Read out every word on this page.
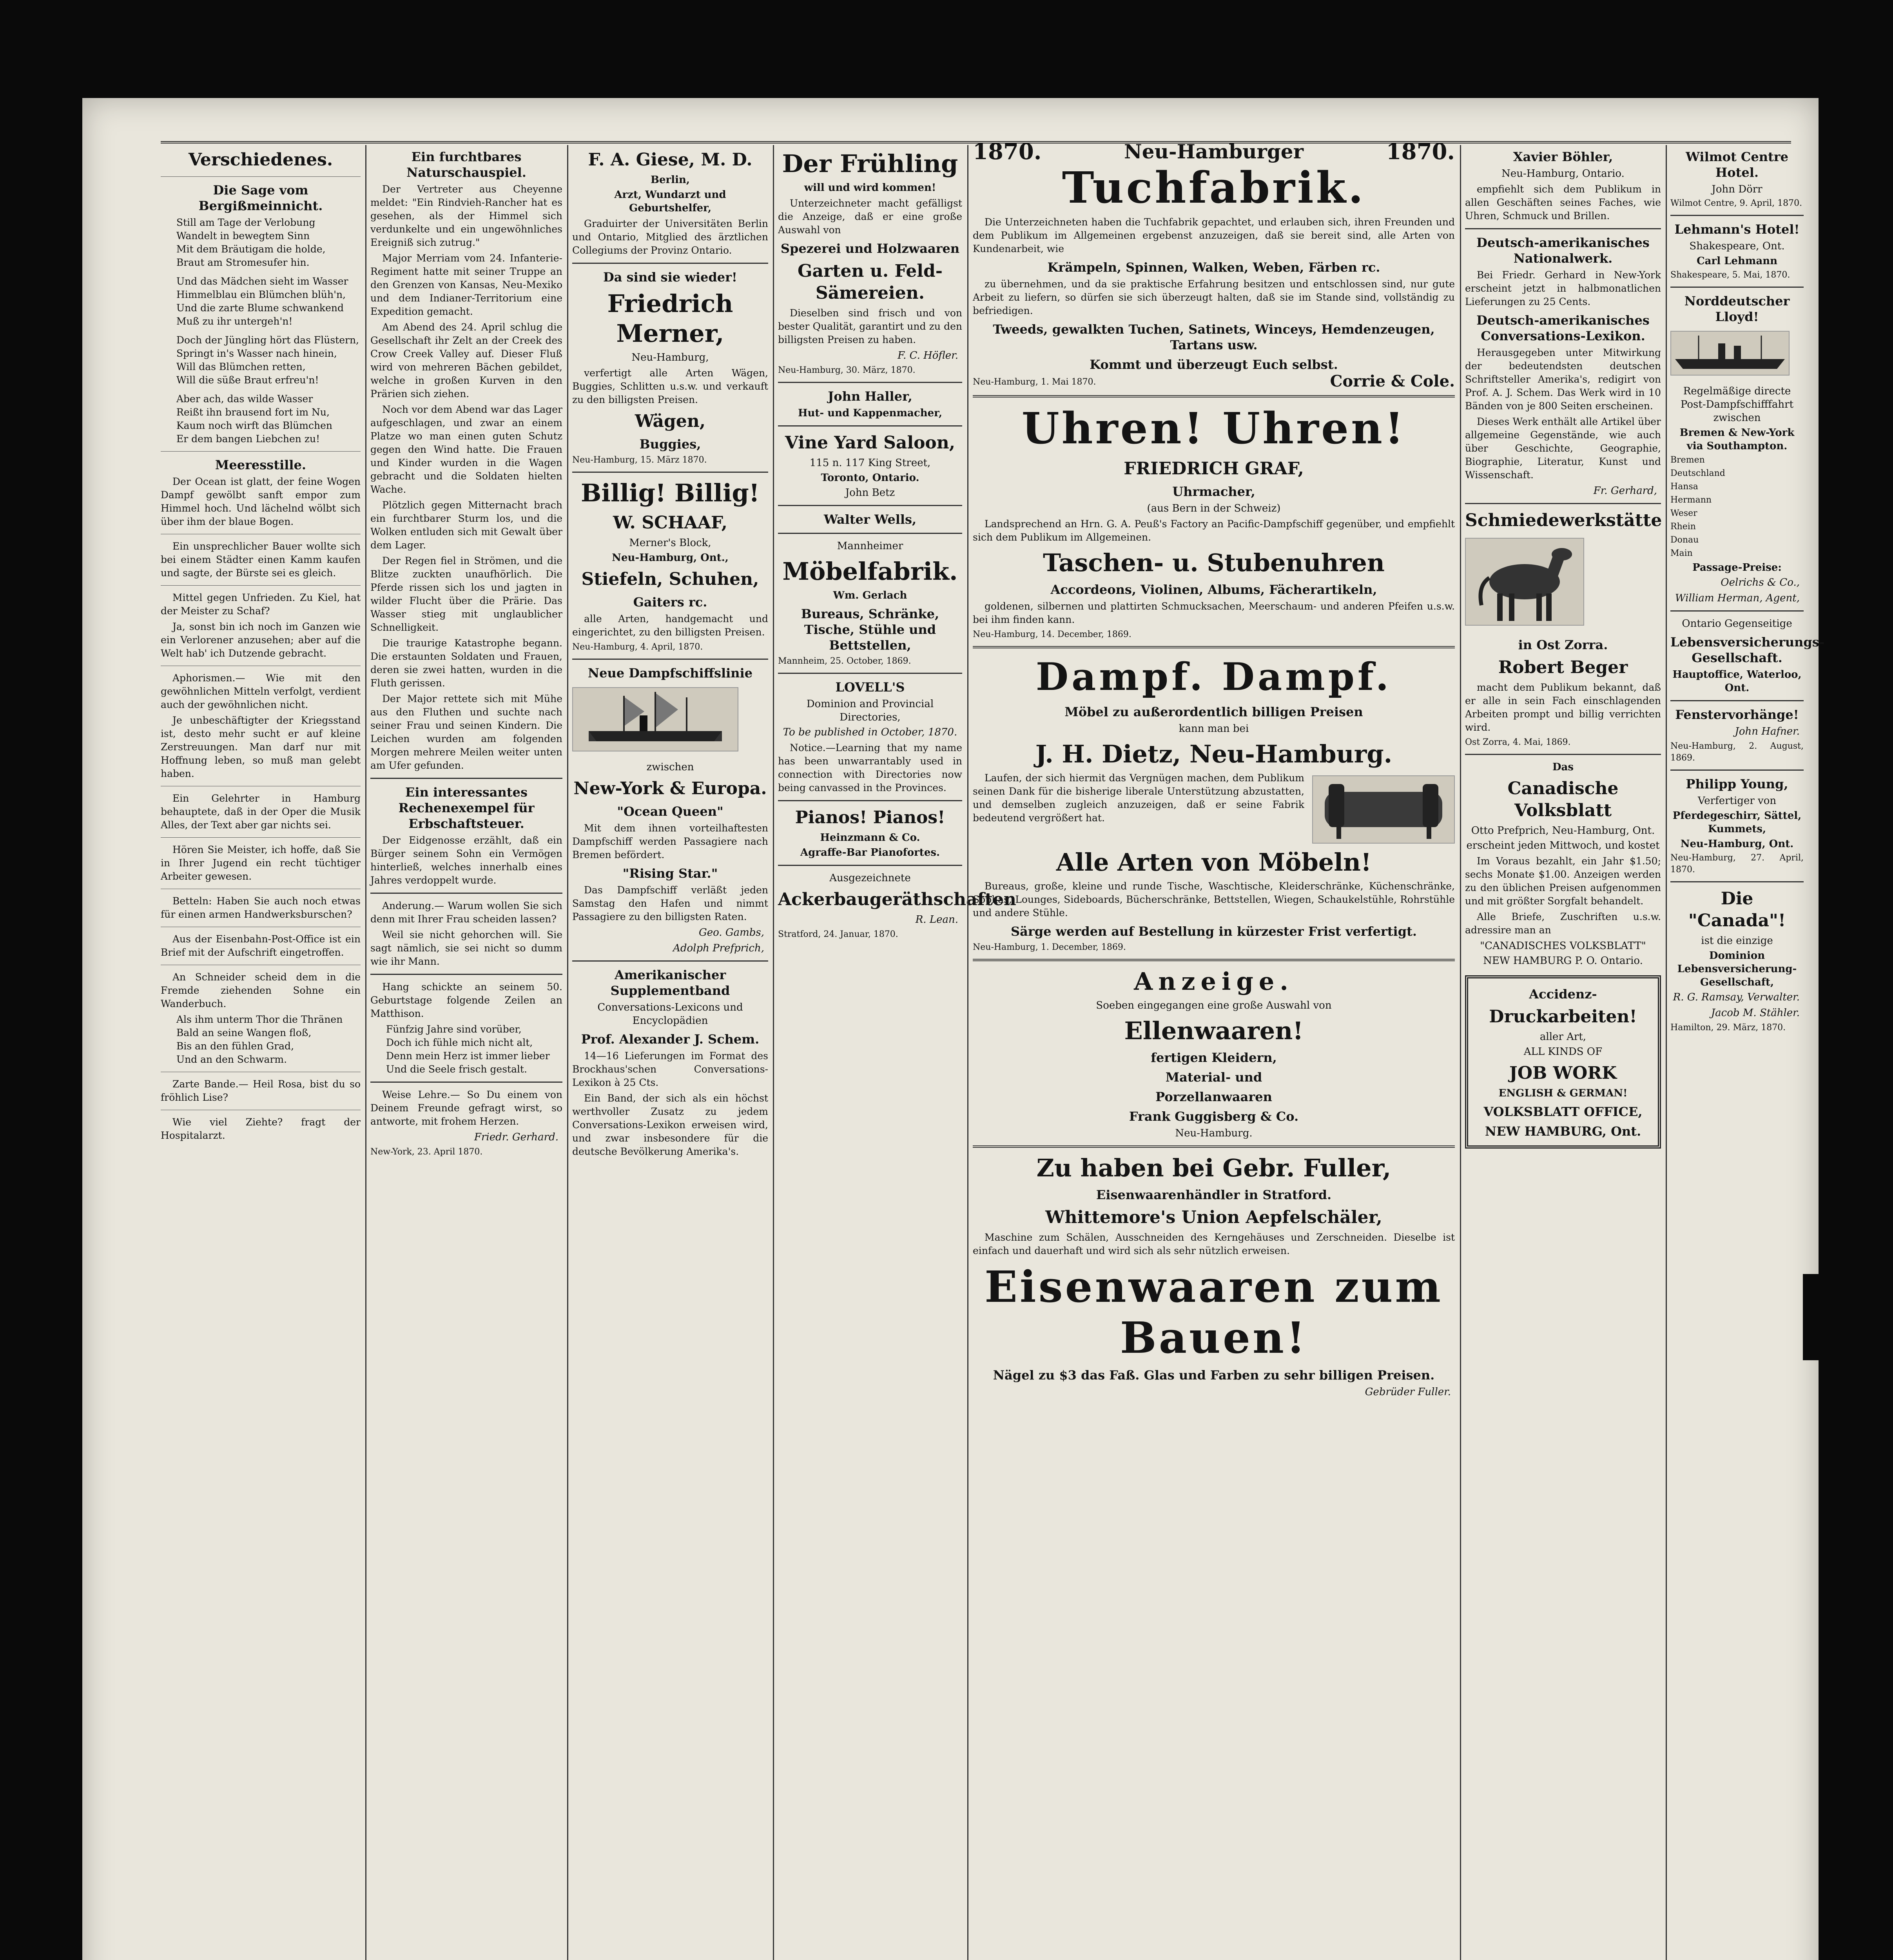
Verschiedenes.
Die Sage vom Bergißmeinnicht.
Still am Tage der Verlobung
Wandelt in bewegtem Sinn
Mit dem Bräutigam die holde,
Braut am Stromesufer hin.
Und das Mädchen sieht im Wasser
Himmelblau ein Blümchen blüh'n,
Und die zarte Blume schwankend
Muß zu ihr untergeh'n!
Doch der Jüngling hört das Flüstern,
Springt in's Wasser nach hinein,
Will das Blümchen retten,
Will die süße Braut erfreu'n!
Aber ach, das wilde Wasser
Reißt ihn brausend fort im Nu,
Kaum noch wirft das Blümchen
Er dem bangen Liebchen zu!
Meeresstille.
Der Ocean ist glatt, der feine Wogen Dampf gewölbt sanft empor zum Himmel hoch. Und lächelnd wölbt sich über ihm der blaue Bogen.
Ein unsprechlicher Bauer wollte sich bei einem Städter einen Kamm kaufen und sagte, der Bürste sei es gleich.
Mittel gegen Unfrieden. Zu Kiel, hat der Meister zu Schaf?
Ja, sonst bin ich noch im Ganzen wie ein Verlorener anzusehen; aber auf die Welt hab' ich Dutzende gebracht.
Aphorismen.— Wie mit den gewöhnlichen Mitteln verfolgt, verdient auch der gewöhnlichen nicht.
Je unbeschäftigter der Kriegsstand ist, desto mehr sucht er auf kleine Zerstreuungen. Man darf nur mit Hoffnung leben, so muß man gelebt haben.
Ein Gelehrter in Hamburg behauptete, daß in der Oper die Musik Alles, der Text aber gar nichts sei.
Hören Sie Meister, ich hoffe, daß Sie in Ihrer Jugend ein recht tüchtiger Arbeiter gewesen.
Betteln: Haben Sie auch noch etwas für einen armen Handwerksburschen?
Aus der Eisenbahn-Post-Office ist ein Brief mit der Aufschrift eingetroffen.
An Schneider scheid dem in die Fremde ziehenden Sohne ein Wanderbuch.
Als ihm unterm Thor die Thränen
Bald an seine Wangen floß,
Bis an den fühlen Grad,
Und an den Schwarm.
Zarte Bande.— Heil Rosa, bist du so fröhlich Lise?
Wie viel Ziehte? fragt der Hospitalarzt.
Ein furchtbares Naturschauspiel.
Der Vertreter aus Cheyenne meldet: "Ein Rindvieh-Rancher hat es gesehen, als der Himmel sich verdunkelte und ein ungewöhnliches Ereigniß sich zutrug."
Major Merriam vom 24. Infanterie-Regiment hatte mit seiner Truppe an den Grenzen von Kansas, Neu-Mexiko und dem Indianer-Territorium eine Expedition gemacht.
Am Abend des 24. April schlug die Gesellschaft ihr Zelt an der Creek des Crow Creek Valley auf. Dieser Fluß wird von mehreren Bächen gebildet, welche in großen Kurven in den Prärien sich ziehen.
Noch vor dem Abend war das Lager aufgeschlagen, und zwar an einem Platze wo man einen guten Schutz gegen den Wind hatte. Die Frauen und Kinder wurden in die Wagen gebracht und die Soldaten hielten Wache.
Plötzlich gegen Mitternacht brach ein furchtbarer Sturm los, und die Wolken entluden sich mit Gewalt über dem Lager.
Der Regen fiel in Strömen, und die Blitze zuckten unaufhörlich. Die Pferde rissen sich los und jagten in wilder Flucht über die Prärie. Das Wasser stieg mit unglaublicher Schnelligkeit.
Die traurige Katastrophe begann. Die erstaunten Soldaten und Frauen, deren sie zwei hatten, wurden in die Fluth gerissen.
Der Major rettete sich mit Mühe aus den Fluthen und suchte nach seiner Frau und seinen Kindern. Die Leichen wurden am folgenden Morgen mehrere Meilen weiter unten am Ufer gefunden.
Ein interessantes Rechenexempel für Erbschaftsteuer.
Der Eidgenosse erzählt, daß ein Bürger seinem Sohn ein Vermögen hinterließ, welches innerhalb eines Jahres verdoppelt wurde.
Anderung.— Warum wollen Sie sich denn mit Ihrer Frau scheiden lassen?
Weil sie nicht gehorchen will. Sie sagt nämlich, sie sei nicht so dumm wie ihr Mann.
Hang schickte an seinem 50. Geburtstage folgende Zeilen an Matthison.
Fünfzig Jahre sind vorüber,
Doch ich fühle mich nicht alt,
Denn mein Herz ist immer lieber
Und die Seele frisch gestalt.
Weise Lehre.— So Du einem von Deinem Freunde gefragt wirst, so antworte, mit frohem Herzen.
Friedr. Gerhard.
New-York, 23. April 1870.
F. A. Giese, M. D.
Berlin,
Arzt, Wundarzt und Geburtshelfer,
Graduirter der Universitäten Berlin und Ontario, Mitglied des ärztlichen Collegiums der Provinz Ontario.
Da sind sie wieder!
Friedrich Merner,
Neu-Hamburg,
verfertigt alle Arten Wägen, Buggies, Schlitten u.s.w. und verkauft zu den billigsten Preisen.
Wägen,
Buggies,
Neu-Hamburg, 15. März 1870.
Billig! Billig!
W. SCHAAF,
Merner's Block,
Neu-Hamburg, Ont.,
Stiefeln, Schuhen,
Gaiters rc.
alle Arten, handgemacht und eingerichtet, zu den billigsten Preisen.
Neu-Hamburg, 4. April, 1870.
Neue Dampfschiffslinie
zwischen
New-York & Europa.
"Ocean Queen"
Mit dem ihnen vorteilhaftesten Dampfschiff werden Passagiere nach Bremen befördert.
"Rising Star."
Das Dampfschiff verläßt jeden Samstag den Hafen und nimmt Passagiere zu den billigsten Raten.
Geo. Gambs,
Adolph Prefprich,
Amerikanischer Supplementband
Conversations-Lexicons und Encyclopädien
Prof. Alexander J. Schem.
14—16 Lieferungen im Format des Brockhaus'schen Conversations-Lexikon à 25 Cts.
Ein Band, der sich als ein höchst werthvoller Zusatz zu jedem Conversations-Lexikon erweisen wird, und zwar insbesondere für die deutsche Bevölkerung Amerika's.
Der Frühling
will und wird kommen!
Unterzeichneter macht gefälligst die Anzeige, daß er eine große Auswahl von
Spezerei und Holzwaaren
Garten u. Feld-Sämereien.
Dieselben sind frisch und von bester Qualität, garantirt und zu den billigsten Preisen zu haben.
F. C. Höfler.
Neu-Hamburg, 30. März, 1870.
John Haller,
Hut- und Kappenmacher,
Vine Yard Saloon,
115 n. 117 King Street,
Toronto, Ontario.
John Betz
Walter Wells,
Mannheimer
Möbelfabrik.
Wm. Gerlach
Bureaus, Schränke, Tische, Stühle und Bettstellen,
Mannheim, 25. October, 1869.
LOVELL'S
Dominion and Provincial Directories,
To be published in October, 1870.
Notice.—Learning that my name has been unwarrantably used in connection with Directories now being canvassed in the Provinces.
Pianos! Pianos!
Heinzmann & Co.
Agraffe-Bar Pianofortes.
Ausgezeichnete
Ackerbaugeräthschaften
R. Lean.
Stratford, 24. Januar, 1870.
1870.	Neu-Hamburger	1870.
Tuchfabrik.
Die Unterzeichneten haben die Tuchfabrik gepachtet, und erlauben sich, ihren Freunden und dem Publikum im Allgemeinen ergebenst anzuzeigen, daß sie bereit sind, alle Arten von Kundenarbeit, wie
Krämpeln, Spinnen, Walken, Weben, Färben rc.
zu übernehmen, und da sie praktische Erfahrung besitzen und entschlossen sind, nur gute Arbeit zu liefern, so dürfen sie sich überzeugt halten, daß sie im Stande sind, vollständig zu befriedigen.
Tweeds, gewalkten Tuchen, Satinets, Winceys, Hemdenzeugen, Tartans usw.
Kommt und überzeugt Euch selbst.
Neu-Hamburg, 1. Mai 1870.	Corrie & Cole.
Uhren! Uhren!
FRIEDRICH GRAF,
Uhrmacher,
(aus Bern in der Schweiz)
Landsprechend an Hrn. G. A. Peuß's Factory an Pacific-Dampfschiff gegenüber, und empfiehlt sich dem Publikum im Allgemeinen.
Taschen- u. Stubenuhren
Accordeons, Violinen, Albums, Fächerartikeln,
goldenen, silbernen und plattirten Schmucksachen, Meerschaum- und anderen Pfeifen u.s.w. bei ihm finden kann.
Neu-Hamburg, 14. December, 1869.
Dampf. Dampf.
Möbel zu außerordentlich billigen Preisen
kann man bei
J. H. Dietz, Neu-Hamburg.
Laufen, der sich hiermit das Vergnügen machen, dem Publikum seinen Dank für die bisherige liberale Unterstützung abzustatten, und demselben zugleich anzuzeigen, daß er seine Fabrik bedeutend vergrößert hat.
Alle Arten von Möbeln!
Bureaus, große, kleine und runde Tische, Waschtische, Kleiderschränke, Küchenschränke, Sophas, Lounges, Sideboards, Bücherschränke, Bettstellen, Wiegen, Schaukelstühle, Rohrstühle und andere Stühle.
Särge werden auf Bestellung in kürzester Frist verfertigt.
Neu-Hamburg, 1. December, 1869.
Anzeige.
Soeben eingegangen eine große Auswahl von
Ellenwaaren!
fertigen Kleidern,
Material- und
Porzellanwaaren
Frank Guggisberg & Co.
Neu-Hamburg.
Zu haben bei Gebr. Fuller,
Eisenwaarenhändler in Stratford.
Whittemore's Union Aepfelschäler,
Maschine zum Schälen, Ausschneiden des Kerngehäuses und Zerschneiden. Dieselbe ist einfach und dauerhaft und wird sich als sehr nützlich erweisen.
Eisenwaaren zum Bauen!
Nägel zu $3 das Faß. Glas und Farben zu sehr billigen Preisen.
Gebrüder Fuller.
Xavier Böhler,
Neu-Hamburg, Ontario.
empfiehlt sich dem Publikum in allen Geschäften seines Faches, wie Uhren, Schmuck und Brillen.
Deutsch-amerikanisches Nationalwerk.
Bei Friedr. Gerhard in New-York erscheint jetzt in halbmonatlichen Lieferungen zu 25 Cents.
Deutsch-amerikanisches Conversations-Lexikon.
Herausgegeben unter Mitwirkung der bedeutendsten deutschen Schriftsteller Amerika's, redigirt von Prof. A. J. Schem. Das Werk wird in 10 Bänden von je 800 Seiten erscheinen.
Dieses Werk enthält alle Artikel über allgemeine Gegenstände, wie auch über Geschichte, Geographie, Biographie, Literatur, Kunst und Wissenschaft.
Fr. Gerhard,
Schmiedewerkstätte
in Ost Zorra.
Robert Beger
macht dem Publikum bekannt, daß er alle in sein Fach einschlagenden Arbeiten prompt und billig verrichten wird.
Ost Zorra, 4. Mai, 1869.
Das
Canadische Volksblatt
Otto Prefprich, Neu-Hamburg, Ont.
erscheint jeden Mittwoch, und kostet
Im Voraus bezahlt, ein Jahr $1.50; sechs Monate $1.00. Anzeigen werden zu den üblichen Preisen aufgenommen und mit größter Sorgfalt behandelt.
Alle Briefe, Zuschriften u.s.w. adressire man an
"CANADISCHES VOLKSBLATT"
NEW HAMBURG P. O. Ontario.
Accidenz-
Druckarbeiten!
aller Art,
ALL KINDS OF
JOB WORK
ENGLISH & GERMAN!
VOLKSBLATT OFFICE,
NEW HAMBURG, Ont.
Wilmot Centre Hotel.
John Dörr
Wilmot Centre, 9. April, 1870.
Lehmann's Hotel!
Shakespeare, Ont.
Carl Lehmann
Shakespeare, 5. Mai, 1870.
Norddeutscher Lloyd!
Regelmäßige directe Post-Dampfschifffahrt zwischen
Bremen & New-York via Southampton.
Bremen
Deutschland
Hansa
Hermann
Weser
Rhein
Donau
Main
Passage-Preise:
Oelrichs & Co.,
William Herman, Agent,
Ontario Gegenseitige
Lebensversicherungs-Gesellschaft.
Hauptoffice, Waterloo, Ont.
Fenstervorhänge!
John Hafner.
Neu-Hamburg, 2. August, 1869.
Philipp Young,
Verfertiger von
Pferdegeschirr, Sättel, Kummets,
Neu-Hamburg, Ont.
Neu-Hamburg, 27. April, 1870.
Die "Canada"!
ist die einzige
Dominion Lebensversicherung-Gesellschaft,
R. G. Ramsay, Verwalter.
Jacob M. Stähler.
Hamilton, 29. März, 1870.
